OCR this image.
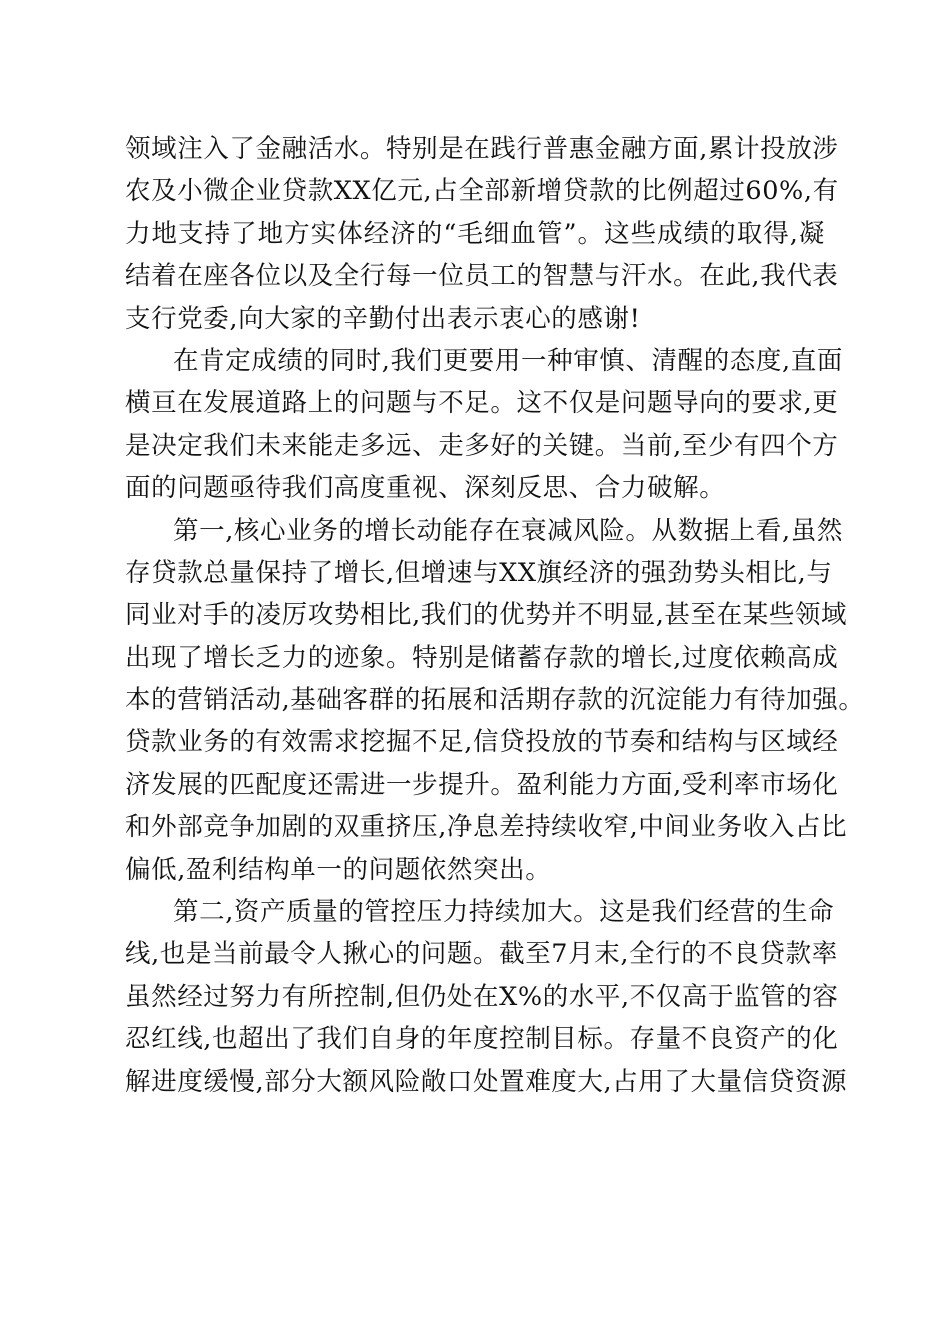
领域注入了金融活水。特别是在践行普惠金融方面,累计投放涉
农及小微企业贷款XX亿元,占全部新增贷款的比例超过60%,有
力地支持了地方实体经济的“毛细血管”。这些成绩的取得,凝
结着在座各位以及全行每一位员工的智慧与汗水。在此,我代表
支行党委,向大家的辛勤付出表示衷心的感谢!
在肯定成绩的同时,我们更要用一种审慎、清醒的态度,直面
横亘在发展道路上的问题与不足。这不仅是问题导向的要求,更
是决定我们未来能走多远、走多好的关键。当前,至少有四个方
面的问题亟待我们高度重视、深刻反思、合力破解。
第一,核心业务的增长动能存在衰减风险。从数据上看,虽然
存贷款总量保持了增长,但增速与XX旗经济的强劲势头相比,与
同业对手的凌厉攻势相比,我们的优势并不明显,甚至在某些领域
出现了增长乏力的迹象。特别是储蓄存款的增长,过度依赖高成
本的营销活动,基础客群的拓展和活期存款的沉淀能力有待加强。
贷款业务的有效需求挖掘不足,信贷投放的节奏和结构与区域经
济发展的匹配度还需进一步提升。盈利能力方面,受利率市场化
和外部竞争加剧的双重挤压,净息差持续收窄,中间业务收入占比
偏低,盈利结构单一的问题依然突出。
第二,资产质量的管控压力持续加大。这是我们经营的生命
线,也是当前最令人揪心的问题。截至7月末,全行的不良贷款率
虽然经过努力有所控制,但仍处在X%的水平,不仅高于监管的容
忍红线,也超出了我们自身的年度控制目标。存量不良资产的化
解进度缓慢,部分大额风险敞口处置难度大,占用了大量信贷资源
